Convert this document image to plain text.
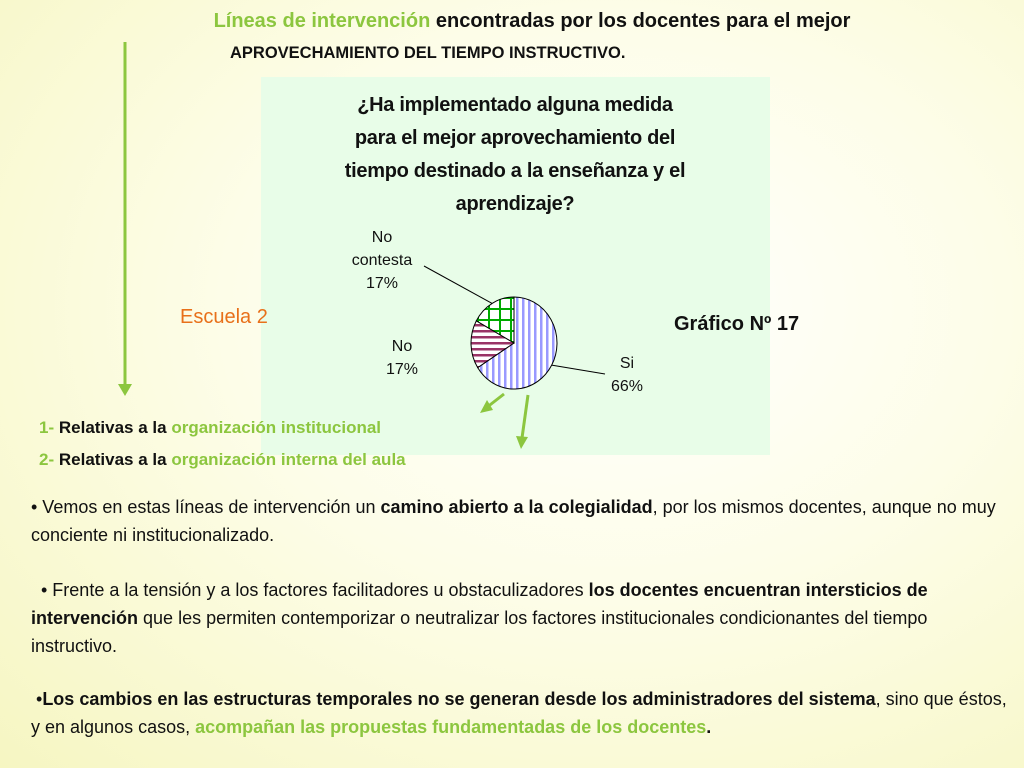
Líneas de intervención encontradas por los docentes para el mejor
APROVECHAMIENTO DEL TIEMPO INSTRUCTIVO.
¿Ha implementado alguna medida
para el mejor aprovechamiento del
tiempo destinado a la enseñanza y el
aprendizaje?
No
contesta
17%
No
17%	Si
66%
Escuela 2	Gráfico Nº 17
1- Relativas a la organización institucional
2- Relativas a la organización interna del aula
• Vemos en estas líneas de intervención un camino abierto a la colegialidad, por los mismos docentes, aunque no muy conciente ni institucionalizado.
• Frente a la tensión y a los factores facilitadores u obstaculizadores los docentes encuentran intersticios de intervención que les permiten contemporizar o neutralizar los factores institucionales condicionantes del tiempo instructivo.
•Los cambios en las estructuras temporales no se generan desde los administradores del sistema, sino que éstos, y en algunos casos, acompañan las propuestas fundamentadas de los docentes.
